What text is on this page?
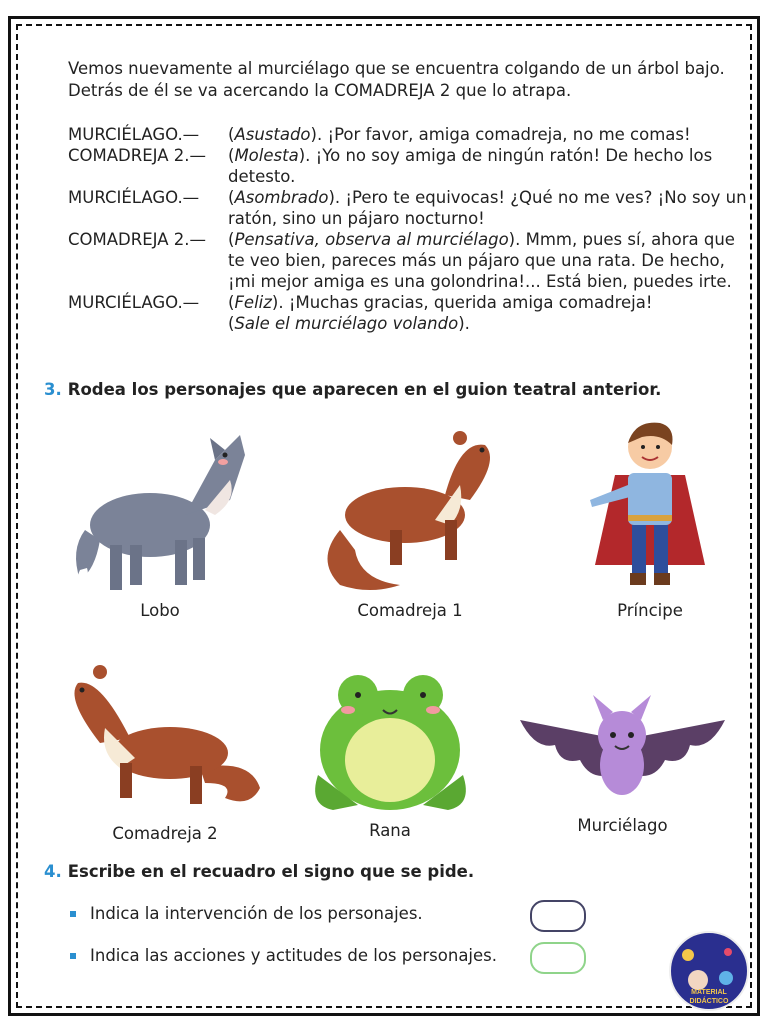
Vemos nuevamente al murciélago que se encuentra colgando de un árbol bajo. Detrás de él se va acercando la COMADREJA 2 que lo atrapa.
MURCIÉLAGO.—	(Asustado). ¡Por favor, amiga comadreja, no me comas!
COMADREJA 2.—	(Molesta). ¡Yo no soy amiga de ningún ratón! De hecho los detesto.
MURCIÉLAGO.—	(Asombrado). ¡Pero te equivocas! ¿Qué no me ves? ¡No soy un ratón, sino un pájaro nocturno!
COMADREJA 2.—	(Pensativa, observa al murciélago). Mmm, pues sí, ahora que te veo bien, pareces más un pájaro que una rata. De hecho, ¡mi mejor amiga es una golondrina!... Está bien, puedes irte.
MURCIÉLAGO.—	(Feliz). ¡Muchas gracias, querida amiga comadreja!
(Sale el murciélago volando).
3. Rodea los personajes que aparecen en el guion teatral anterior.
Lobo	Comadreja 1	Príncipe
Comadreja 2	Rana	Murciélago
4. Escribe en el recuadro el signo que se pide.
Indica la intervención de los personajes.
Indica las acciones y actitudes de los personajes.
MATERIAL
DIDÁCTICO
